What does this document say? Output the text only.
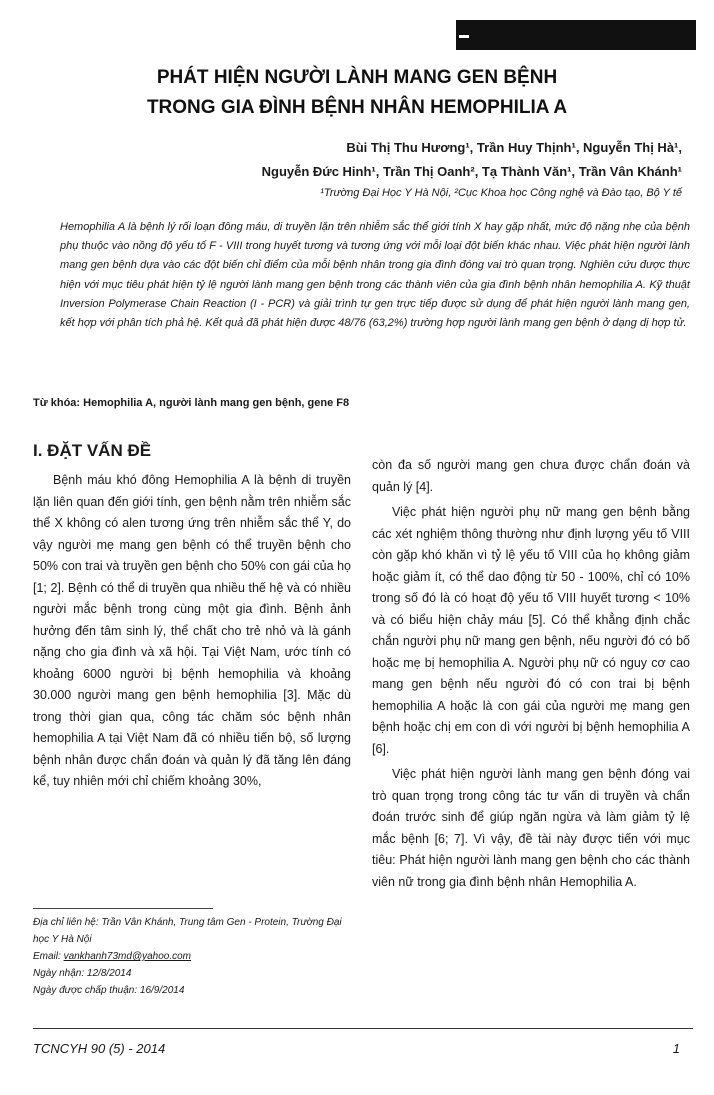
PHÁT HIỆN NGƯỜI LÀNH MANG GEN BỆNH
TRONG GIA ĐÌNH BỆNH NHÂN HEMOPHILIA A
Bùi Thị Thu Hương¹, Trần Huy Thịnh¹, Nguyễn Thị Hà¹,
Nguyễn Đức Hinh¹, Trần Thị Oanh², Tạ Thành Văn¹, Trần Vân Khánh¹
¹Trường Đại Học Y Hà Nội, ²Cục Khoa học Công nghệ và Đào tạo, Bộ Y tế

Hemophilia A là bệnh lý rối loạn đông máu, di truyền lặn trên nhiễm sắc thể giới tính X hay gặp nhất, mức độ nặng nhẹ của bệnh phụ thuộc vào nồng độ yếu tố F - VIII trong huyết tương và tương ứng với mỗi loại đột biến khác nhau. Việc phát hiện người lành mang gen bệnh dựa vào các đột biến chỉ điểm của mỗi bệnh nhân trong gia đình đóng vai trò quan trọng. Nghiên cứu được thực hiện với mục tiêu phát hiện tỷ lệ người lành mang gen bệnh trong các thành viên của gia đình bệnh nhân hemophilia A. Kỹ thuật Inversion Polymerase Chain Reaction (I - PCR) và giải trình tự gen trực tiếp được sử dụng để phát hiện người lành mang gen, kết hợp với phân tích phả hệ. Kết quả đã phát hiện được 48/76 (63,2%) trường hợp người lành mang gen bệnh ở dạng dị hợp tử.

Từ khóa: Hemophilia A, người lành mang gen bệnh, gene F8

I. ĐẶT VẤN ĐỀ

Bệnh máu khó đông Hemophilia A là bệnh di truyền lặn liên quan đến giới tính, gen bệnh nằm trên nhiễm sắc thể X không có alen tương ứng trên nhiễm sắc thể Y, do vậy người mẹ mang gen bệnh có thể truyền bệnh cho 50% con trai và truyền gen bệnh cho 50% con gái của họ [1; 2]. Bệnh có thể di truyền qua nhiều thế hệ và có nhiều người mắc bệnh trong cùng một gia đình. Bệnh ảnh hưởng đến tâm sinh lý, thể chất cho trẻ nhỏ và là gánh nặng cho gia đình và xã hội. Tại Việt Nam, ước tính có khoảng 6000 người bị bệnh hemophilia và khoảng 30.000 người mang gen bệnh hemophilia [3]. Mặc dù trong thời gian qua, công tác chăm sóc bệnh nhân hemophilia A tại Việt Nam đã có nhiều tiến bộ, số lượng bệnh nhân được chẩn đoán và quản lý đã tăng lên đáng kể, tuy nhiên mới chỉ chiếm khoảng 30%,

còn đa số người mang gen chưa được chẩn đoán và quản lý [4].

Việc phát hiện người phụ nữ mang gen bệnh bằng các xét nghiệm thông thường như định lượng yếu tố VIII còn gặp khó khăn vì tỷ lệ yếu tố VIII của họ không giảm hoặc giảm ít, có thể dao động từ 50 - 100%, chỉ có 10% trong số đó là có hoạt độ yếu tố VIII huyết tương < 10% và có biểu hiện chảy máu [5]. Có thể khẳng định chắc chắn người phụ nữ mang gen bệnh, nếu người đó có bố hoặc mẹ bị hemophilia A. Người phụ nữ có nguy cơ cao mang gen bệnh nếu người đó có con trai bị bệnh hemophilia A hoặc là con gái của người mẹ mang gen bệnh hoặc chị em con dì với người bị bệnh hemophilia A [6].

Việc phát hiện người lành mang gen bệnh đóng vai trò quan trọng trong công tác tư vấn di truyền và chẩn đoán trước sinh để giúp ngăn ngừa và làm giảm tỷ lệ mắc bệnh [6; 7]. Vì vậy, đề tài này được tiến với mục tiêu: Phát hiện người lành mang gen bệnh cho các thành viên nữ trong gia đình bệnh nhân Hemophilia A.

Địa chỉ liên hệ: Trần Vân Khánh, Trung tâm Gen - Protein, Trường Đại học Y Hà Nội
Email: vankhanh73md@yahoo.com
Ngày nhận: 12/8/2014
Ngày được chấp thuận: 16/9/2014
TCNCYH 90 (5) - 2014	1
